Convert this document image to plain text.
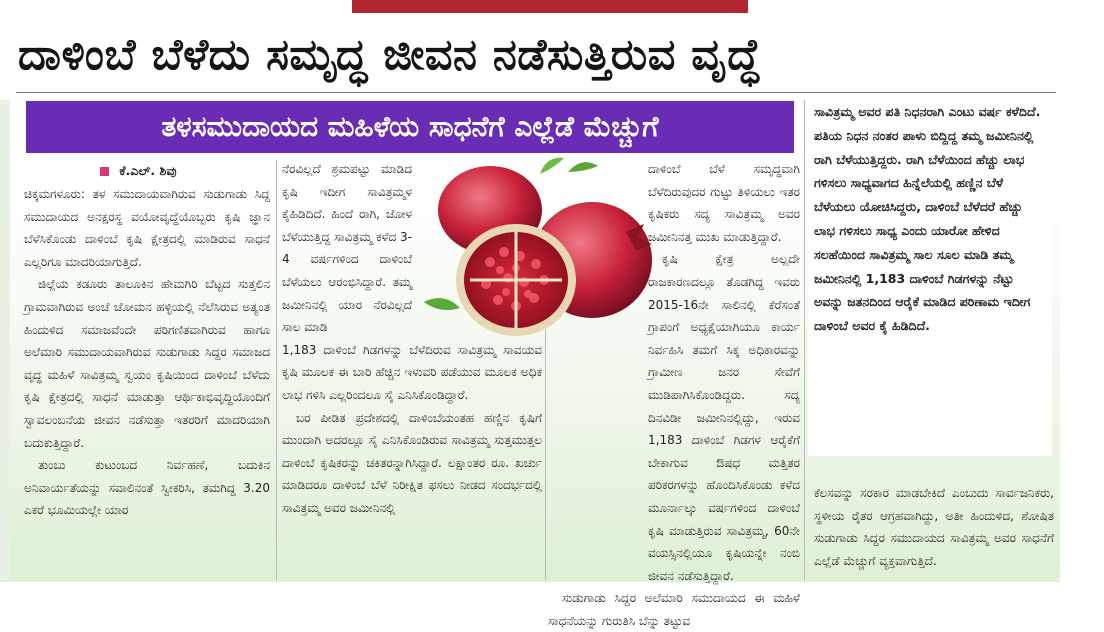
ದಾಳಿಂಬೆ ಬೆಳೆದು ಸಮೃದ್ಧ ಜೀವನ ನಡೆಸುತ್ತಿರುವ ವೃದ್ಧೆ
ತಳಸಮುದಾಯದ ಮಹಿಳೆಯ ಸಾಧನೆಗೆ ಎಲ್ಲೆಡೆ ಮೆಚ್ಚುಗೆ
ಕೆ.ಎಲ್. ಶಿವು

ಚಿಕ್ಕಮಗಳೂರು: ತಳ ಸಮುದಾಯವಾಗಿರುವ ಸುಡುಗಾಡು ಸಿದ್ದ ಸಮುದಾಯದ ಅನಕ್ಷರಸ್ಥ ವಯೋವೃದ್ಧೆಯೊಬ್ಬರು ಕೃಷಿ ಜ್ಞಾನ ಬೆಳೆಸಿಕೊಂಡು ದಾಳಿಂಬೆ ಕೃಷಿ ಕ್ಷೇತ್ರದಲ್ಲಿ ಮಾಡಿರುವ ಸಾಧನೆ ಎಲ್ಲರಿಗೂ ಮಾದರಿಯಾಗುತ್ತಿದೆ.

ಜಿಲ್ಲೆಯ ಕಡೂರು ತಾಲೂಕಿನ ಹೇಮಗಿರಿ ಬೆಟ್ಟದ ಸುತ್ತಲಿನ ಗ್ರಾಮವಾಗಿರುವ ಅಂಚೆ ಚೋಮನ ಹಳ್ಳಿಯಲ್ಲಿ ನೆಲೆಸಿರುವ ಅತ್ಯಂತ ಹಿಂದುಳಿದ ಸಮಾಜವೆಂದೇ ಪರಿಗಣಿತವಾಗಿರುವ ಹಾಗೂ ಅಲೆಮಾರಿ ಸಮುದಾಯವಾಗಿರುವ ಸುಡುಗಾಡು ಸಿದ್ದರ ಸಮಾಜದ ವೃದ್ಧ ಮಹಿಳೆ ಸಾವಿತ್ರಮ್ಮ ಸ್ವಯಂ ಕೃಷಿಯಿಂದ ದಾಳಿಂಬೆ ಬೆಳೆದು ಕೃಷಿ ಕ್ಷೇತ್ರದಲ್ಲಿ ಸಾಧನೆ ಮಾಡುತ್ತಾ ಆರ್ಥಿಕಾಭಿವೃದ್ಧಿಯೊಂದಿಗೆ ಸ್ವಾವಲಂಬನೆಯ ಜೀವನ ನಡೆಸುತ್ತಾ ಇತರರಿಗೆ ಮಾದರಿಯಾಗಿ ಬದುಕುತ್ತಿದ್ದಾರೆ.

ತುಂಬು ಕುಟುಂಬದ ನಿರ್ವಹಣೆ, ಬದುಕಿನ ಅನಿವಾರ್ಯತೆಯನ್ನು ಸವಾಲಿನಂತೆ ಸ್ವೀಕರಿಸಿ, ತಮಗಿದ್ದ 3.20 ಎಕರೆ ಭೂಮಿಯಲ್ಲೇ ಯಾರ

ನೆರವಿಲ್ಲದೆ ಶ್ರಮಪಟ್ಟು ಮಾಡಿದ ಕೃಷಿ ಇದೀಗ ಸಾವಿತ್ರಮ್ಮಳ ಕೈಹಿಡಿದಿದೆ. ಹಿಂದೆ ರಾಗಿ, ಜೋಳ ಬೆಳೆಯುತ್ತಿದ್ದ ಸಾವಿತ್ರಮ್ಮ ಕಳೆದ 3-4 ವರ್ಷಗಳಿಂದ ದಾಳಿಂಬೆ ಬೆಳೆಯಲು ಆರಂಭಿಸಿದ್ದಾರೆ. ತಮ್ಮ ಜಮೀನಿನಲ್ಲಿ ಯಾರ ನೆರವಿಲ್ಲದೆ ಸಾಲ ಮಾಡಿ

1,183 ದಾಳಿಂಬೆ ಗಿಡಗಳನ್ನು ಬೆಳೆದಿರುವ ಸಾವಿತ್ರಮ್ಮ ಸಾವಯವ ಕೃಷಿ ಮೂಲಕ ಈ ಬಾರಿ ಹೆಚ್ಚಿನ ಇಳುವರಿ ಪಡೆಯುವ ಮೂಲಕ ಅಧಿಕ ಲಾಭ ಗಳಿಸಿ ಎಲ್ಲರಿಂದಲೂ ಸೈ ಎನಿಸಿಕೊಂಡಿದ್ದಾರೆ.

ಬರ ಪೀಡಿತ ಪ್ರದೇಶದಲ್ಲಿ ದಾಳಿಂಬೆಯಂತಹ ಹಣ್ಣಿನ ಕೃಷಿಗೆ ಮುಂದಾಗಿ ಅದರಲ್ಲೂ ಸೈ ಎನಿಸಿಕೊಂಡಿರುವ ಸಾವಿತ್ರಮ್ಮ ಸುತ್ತಮುತ್ತಲ ದಾಳಿಂಬೆ ಕೃಷಿಕರನ್ನು ಚಕಿತರನ್ನಾಗಿಸಿದ್ದಾರೆ. ಲಕ್ಷಾಂತರ ರೂ. ಖರ್ಚು ಮಾಡಿದರೂ ದಾಳಿಂಬೆ ಬೆಳೆ ನಿರೀಕ್ಷಿತ ಫಸಲು ನೀಡದ ಸಂದರ್ಭದಲ್ಲಿ ಸಾವಿತ್ರಮ್ಮ ಅವರ ಜಮೀನಿನಲ್ಲಿ

ದಾಳಿಂಬೆ ಬೆಳೆ ಸಮೃದ್ಧವಾಗಿ ಬೆಳೆದಿರುವುದರ ಗುಟ್ಟು ತಿಳಿಯಲು ಇತರ ಕೃಷಿಕರು ಸದ್ಯ ಸಾವಿತ್ರಮ್ಮ ಅವರ ಜಮೀನಿನತ್ತ ಮುಖ ಮಾಡುತ್ತಿದ್ದಾರೆ.

ಕೃಷಿ ಕ್ಷೇತ್ರ ಅಲ್ಲದೇ ರಾಜಕಾರಣದಲ್ಲೂ ತೊಡಗಿದ್ದ ಇವರು 2015-16ನೇ ಸಾಲಿನಲ್ಲಿ ಕೆರೆಸಂತೆ ಗ್ರಾಪಂಗೆ ಅಧ್ಯಕ್ಷೆಯಾಗಿಯೂ ಕಾರ್ಯ ನಿರ್ವಹಿಸಿ ತಮಗೆ ಸಿಕ್ಕ ಅಧಿಕಾರವನ್ನು ಗ್ರಾಮೀಣ ಜನರ ಸೇವೆಗೆ ಮುಡಿಪಾಗಿಸಿಕೊಂಡಿದ್ದರು. ಸದ್ಯ ದಿನವಿಡೀ ಜಮೀನಿನಲ್ಲಿದ್ದು, ಇರುವ 1,183 ದಾಳಿಂಬೆ ಗಿಡಗಳ ಆರೈಕೆಗೆ ಬೇಕಾಗುವ ಔಷಧ ಮತ್ತಿತರ ಪರಿಕರಗಳನ್ನು ಹೊಂದಿಸಿಕೊಂಡು ಕಳೆದ ಮೂರ್ನಾಲ್ಕು ವರ್ಷಗಳಿಂದ ದಾಳಿಂಬೆ ಕೃಷಿ ಮಾಡುತ್ತಿರುವ ಸಾವಿತ್ರಮ್ಮ, 60ನೇ ವಯಸ್ಸಿನಲ್ಲಿಯೂ ಕೃಷಿಯನ್ನೇ ನಂಬಿ ಜೀವನ ನಡೆಸುತ್ತಿದ್ದಾರೆ.

ಸುಡುಗಾಡು ಸಿದ್ದರ ಅಲೆಮಾರಿ ಸಮುದಾಯದ ಈ ಮಹಿಳೆ ಸಾಧನೆಯನ್ನು ಗುರುತಿಸಿ ಬೆನ್ನು ತಟ್ಟುವ

ಸಾವಿತ್ರಮ್ಮ ಅವರ ಪತಿ ನಿಧನರಾಗಿ ಎಂಟು ವರ್ಷ ಕಳೆದಿದೆ. ಪತಿಯ ನಿಧನ ನಂತರ ಪಾಳು ಬಿದ್ದಿದ್ದ ತಮ್ಮ ಜಮೀನಿನಲ್ಲಿ ರಾಗಿ ಬೆಳೆಯುತ್ತಿದ್ದರು. ರಾಗಿ ಬೆಳೆಯಿಂದ ಹೆಚ್ಚು ಲಾಭ ಗಳಿಸಲು ಸಾಧ್ಯವಾಗದ ಹಿನ್ನೆಲೆಯಲ್ಲಿ ಹಣ್ಣಿನ ಬೆಳೆ ಬೆಳೆಯಲು ಯೋಚಿಸಿದ್ದರು, ದಾಳಿಂಬೆ ಬೆಳೆದರೆ ಹೆಚ್ಚು ಲಾಭ ಗಳಿಸಲು ಸಾಧ್ಯ ಎಂದು ಯಾರೋ ಹೇಳಿದ ಸಲಹೆಯಿಂದ ಸಾವಿತ್ರಮ್ಮ ಸಾಲ ಸೂಲ ಮಾಡಿ ತಮ್ಮ ಜಮೀನಿನಲ್ಲಿ 1,183 ದಾಳಿಂಬೆ ಗಿಡಗಳನ್ನು ನೆಟ್ಟು ಅವನ್ನು ಜತನದಿಂದ ಆರೈಕೆ ಮಾಡಿದ ಪರಿಣಾಮ ಇದೀಗ ದಾಳಿಂಬೆ ಅವರ ಕೈ ಹಿಡಿದಿದೆ.

ಕೆಲಸವನ್ನು ಸರಕಾರ ಮಾಡಬೇಕಿದೆ ಎಂಬುದು ಸಾರ್ವಜನಿಕರು, ಸ್ಥಳೀಯ ರೈತರ ಆಗ್ರಹವಾಗಿದ್ದು, ಅತೀ ಹಿಂದುಳಿದ, ಶೋಷಿತ ಸುಡುಗಾಡು ಸಿದ್ದರ ಸಮುದಾಯದ ಸಾವಿತ್ರಮ್ಮ ಅವರ ಸಾಧನೆಗೆ ಎಲ್ಲೆಡೆ ಮೆಚ್ಚುಗೆ ವ್ಯಕ್ತವಾಗುತ್ತಿದೆ.
